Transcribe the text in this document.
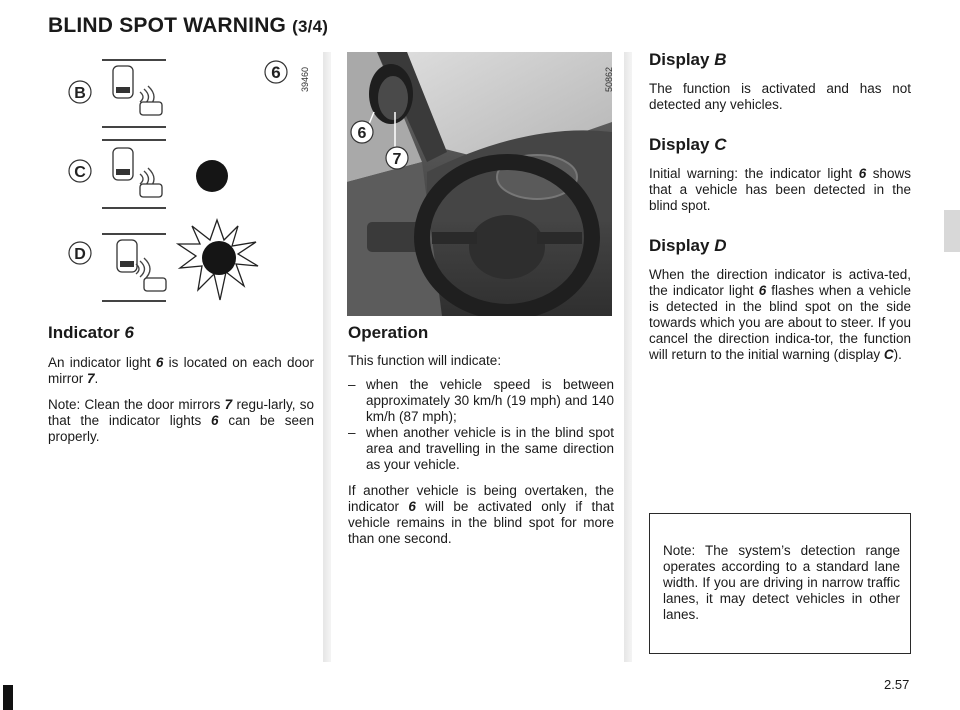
BLIND SPOT WARNING (3/4)
6
B
C
D
39460
6
7
50862
Indicator 6

An indicator light 6 is located on each door mirror 7.

Note: Clean the door mirrors 7 regu-larly, so that the indicator lights 6 can be seen properly.

Operation

This function will indicate:

– when the vehicle speed is between approximately 30 km/h (19 mph) and 140 km/h (87 mph);
– when another vehicle is in the blind spot area and travelling in the same direction as your vehicle.

If another vehicle is being overtaken, the indicator 6 will be activated only if that vehicle remains in the blind spot for more than one second.

Display B

The function is activated and has not detected any vehicles.

Display C

Initial warning: the indicator light 6 shows that a vehicle has been detected in the blind spot.

Display D

When the direction indicator is activa-ted, the indicator light 6 flashes when a vehicle is detected in the blind spot on the side towards which you are about to steer. If you cancel the direction indica-tor, the function will return to the initial warning (display C).

Note: The system’s detection range operates according to a standard lane width. If you are driving in narrow traffic lanes, it may detect vehicles in other lanes.

2.57
